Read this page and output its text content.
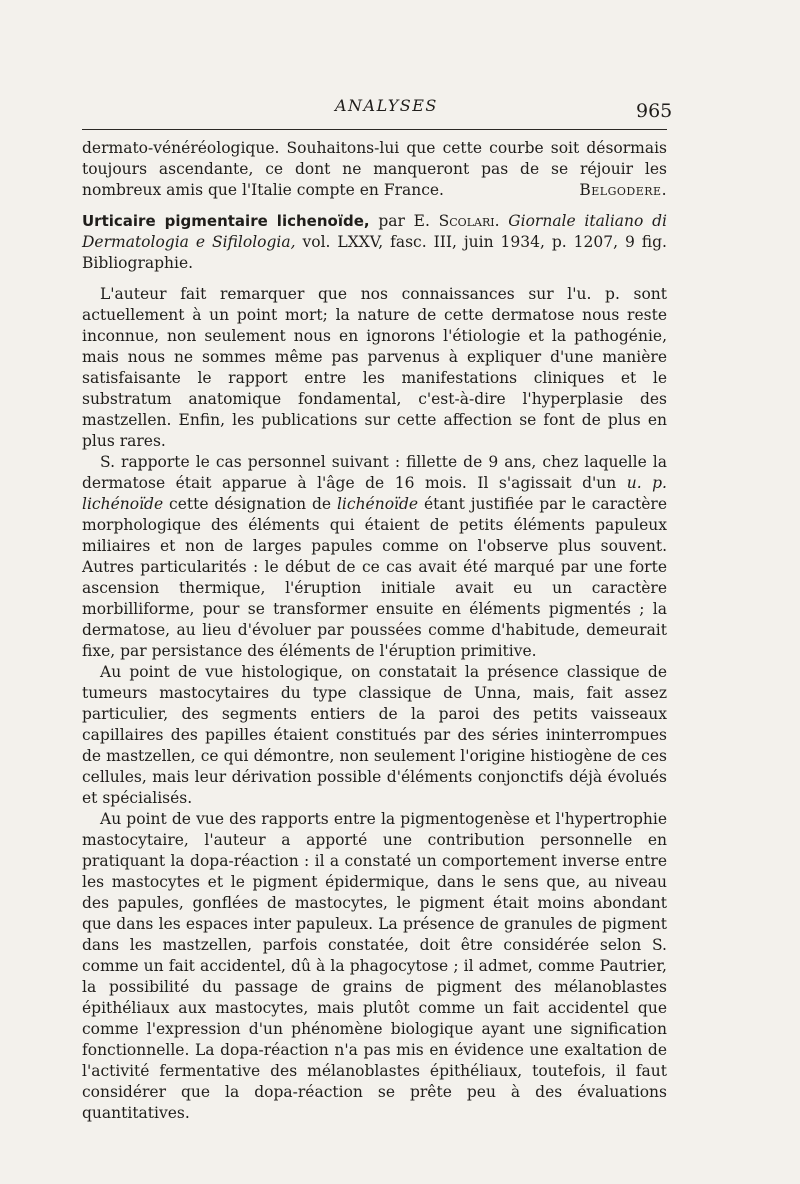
ANALYSES	965

dermato-vénéréologique. Souhaitons-lui que cette courbe soit désormais toujours ascendante, ce dont ne manqueront pas de se réjouir les nombreux amis que l'Italie compte en France.	Belgodere.

Urticaire pigmentaire lichenoïde, par E. Scolari. Giornale italiano di Dermatologia e Sifilologia, vol. LXXV, fasc. III, juin 1934, p. 1207, 9 fig. Bibliographie.

L'auteur fait remarquer que nos connaissances sur l'u. p. sont actuellement à un point mort; la nature de cette dermatose nous reste inconnue, non seulement nous en ignorons l'étiologie et la pathogénie, mais nous ne sommes même pas parvenus à expliquer d'une manière satisfaisante le rapport entre les manifestations cliniques et le substratum anatomique fondamental, c'est-à-dire l'hyperplasie des mastzellen. Enfin, les publications sur cette affection se font de plus en plus rares.

S. rapporte le cas personnel suivant : fillette de 9 ans, chez laquelle la dermatose était apparue à l'âge de 16 mois. Il s'agissait d'un u. p. lichénoïde cette désignation de lichénoïde étant justifiée par le caractère morphologique des éléments qui étaient de petits éléments papuleux miliaires et non de larges papules comme on l'observe plus souvent. Autres particularités : le début de ce cas avait été marqué par une forte ascension thermique, l'éruption initiale avait eu un caractère morbilliforme, pour se transformer ensuite en éléments pigmentés ; la dermatose, au lieu d'évoluer par poussées comme d'habitude, demeurait fixe, par persistance des éléments de l'éruption primitive.

Au point de vue histologique, on constatait la présence classique de tumeurs mastocytaires du type classique de Unna, mais, fait assez particulier, des segments entiers de la paroi des petits vaisseaux capillaires des papilles étaient constitués par des séries ininterrompues de mastzellen, ce qui démontre, non seulement l'origine histiogène de ces cellules, mais leur dérivation possible d'éléments conjonctifs déjà évolués et spécialisés.

Au point de vue des rapports entre la pigmentogenèse et l'hypertrophie mastocytaire, l'auteur a apporté une contribution personnelle en pratiquant la dopa-réaction : il a constaté un comportement inverse entre les mastocytes et le pigment épidermique, dans le sens que, au niveau des papules, gonflées de mastocytes, le pigment était moins abondant que dans les espaces inter papuleux. La présence de granules de pigment dans les mastzellen, parfois constatée, doit être considérée selon S. comme un fait accidentel, dû à la phagocytose ; il admet, comme Pautrier, la possibilité du passage de grains de pigment des mélanoblastes épithéliaux aux mastocytes, mais plutôt comme un fait accidentel que comme l'expression d'un phénomène biologique ayant une signification fonctionnelle. La dopa-réaction n'a pas mis en évidence une exaltation de l'activité fermentative des mélanoblastes épithéliaux, toutefois, il faut considérer que la dopa-réaction se prête peu à des évaluations quantitatives.
